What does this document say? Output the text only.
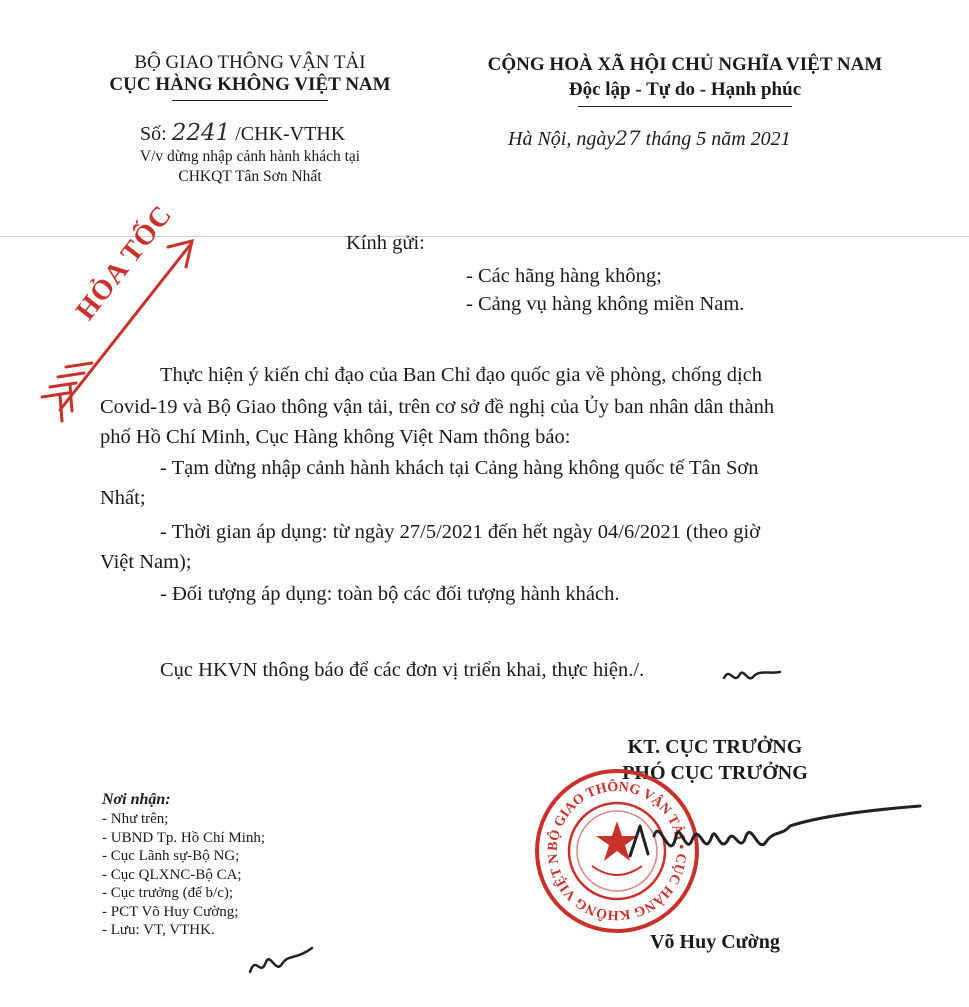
BỘ GIAO THÔNG VẬN TẢI
CỤC HÀNG KHÔNG VIỆT NAM
Số: 2241 /CHK-VTHK
V/v dừng nhập cảnh hành khách tại
CHKQT Tân Sơn Nhất
CỘNG HOÀ XÃ HỘI CHỦ NGHĨA VIỆT NAM
Độc lập - Tự do - Hạnh phúc
Hà Nội, ngày27 tháng 5 năm 2021
HỎA TỐC	Kính gửi:
- Các hãng hàng không;
- Cảng vụ hàng không miền Nam.
Thực hiện ý kiến chỉ đạo của Ban Chỉ đạo quốc gia về phòng, chống dịch
Covid-19 và Bộ Giao thông vận tải, trên cơ sở đề nghị của Ủy ban nhân dân thành
phố Hồ Chí Minh, Cục Hàng không Việt Nam thông báo:
- Tạm dừng nhập cảnh hành khách tại Cảng hàng không quốc tế Tân Sơn
Nhất;
- Thời gian áp dụng: từ ngày 27/5/2021 đến hết ngày 04/6/2021 (theo giờ
Việt Nam);
- Đối tượng áp dụng: toàn bộ các đối tượng hành khách.
Cục HKVN thông báo để các đơn vị triển khai, thực hiện./.
KT. CỤC TRƯỞNG
PHÓ CỤC TRƯỞNG
BỘ GIAO THÔNG VẬN TẢI • CỤC HÀNG KHÔNG VIỆT NAM
Võ Huy Cường
Nơi nhận:
- Như trên;
- UBND Tp. Hồ Chí Minh;
- Cục Lãnh sự-Bộ NG;
- Cục QLXNC-Bộ CA;
- Cục trưởng (để b/c);
- PCT Võ Huy Cường;
- Lưu: VT, VTHK.
